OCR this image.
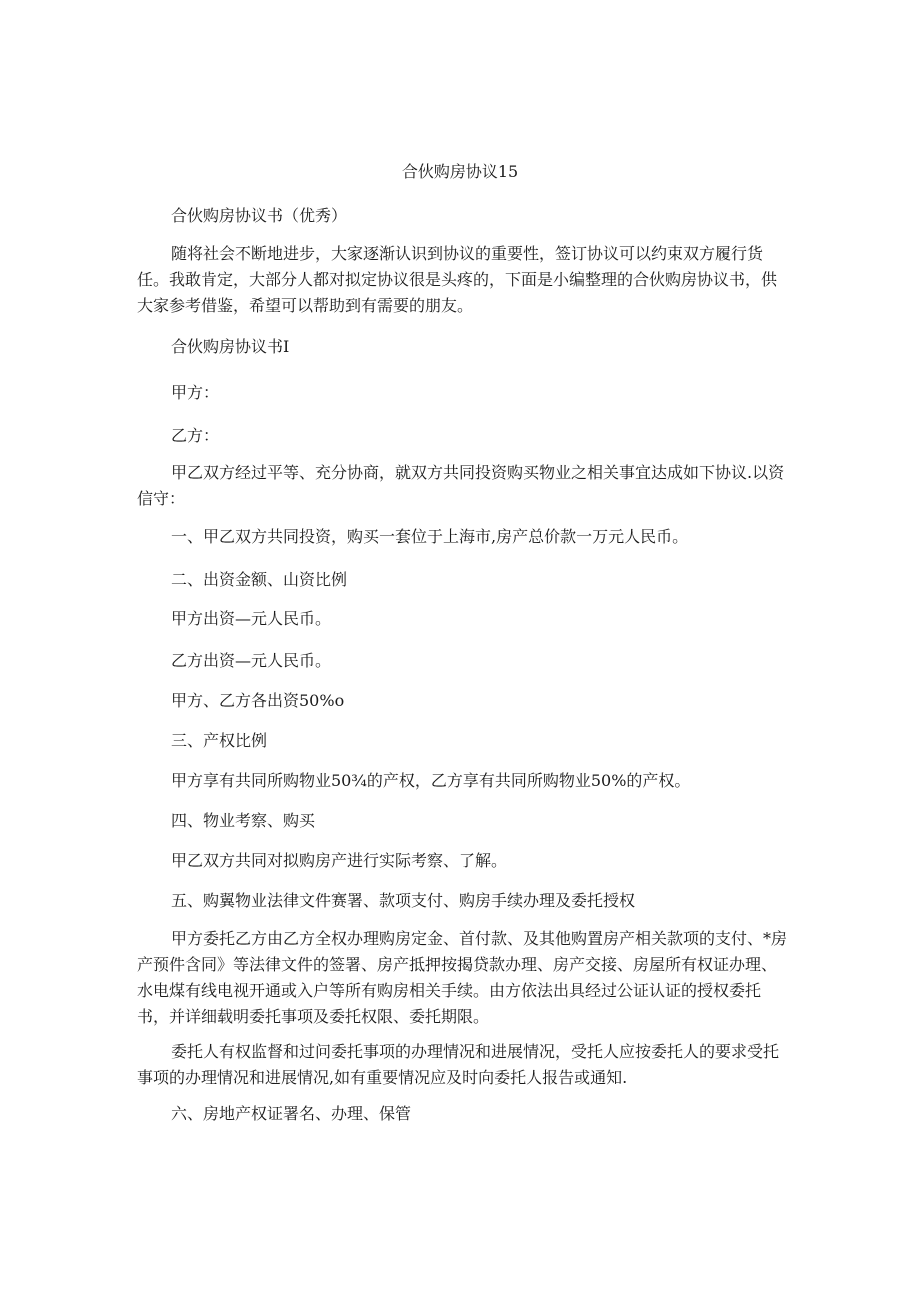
合伙购房协议15

合伙购房协议书（优秀）

随将社会不断地进步，大家逐渐认识到协议的重要性，签订协议可以约束双方履行货任。我敢肯定，大部分人都对拟定协议很是头疼的，下面是小编整理的合伙购房协议书，供大家参考借鉴，希望可以帮助到有需要的朋友。

合伙购房协议书I

甲方：

乙方：

甲乙双方经过平等、充分协商，就双方共同投资购买物业之相关事宜达成如下协议.以资信守：

一、甲乙双方共同投资，购买一套位于上海市,房产总价款一万元人民币。

二、出资金额、山资比例

甲方出资—元人民币。

乙方出资—元人民币。

甲方、乙方各出资50%o

三、产权比例

甲方享有共同所购物业50¾的产权，乙方享有共同所购物业50%的产权。

四、物业考察、购买

甲乙双方共同对拟购房产进行实际考察、了解。

五、购翼物业法律文件赛署、款项支付、购房手续办理及委托授权

甲方委托乙方由乙方全权办理购房定金、首付款、及其他购置房产相关款项的支付、*房产预件含同》等法律文件的签署、房产抵押按揭贷款办理、房产交接、房屋所有权证办理、水电煤有线电视开通或入户等所有购房相关手续。由方依法出具经过公证认证的授权委托书，并详细载明委托事项及委托权限、委托期限。

委托人有权监督和过问委托事项的办理情况和进展情况，受托人应按委托人的要求受托事项的办理情况和进展情况,如有重要情况应及时向委托人报告或通知.

六、房地产权证署名、办理、保管
